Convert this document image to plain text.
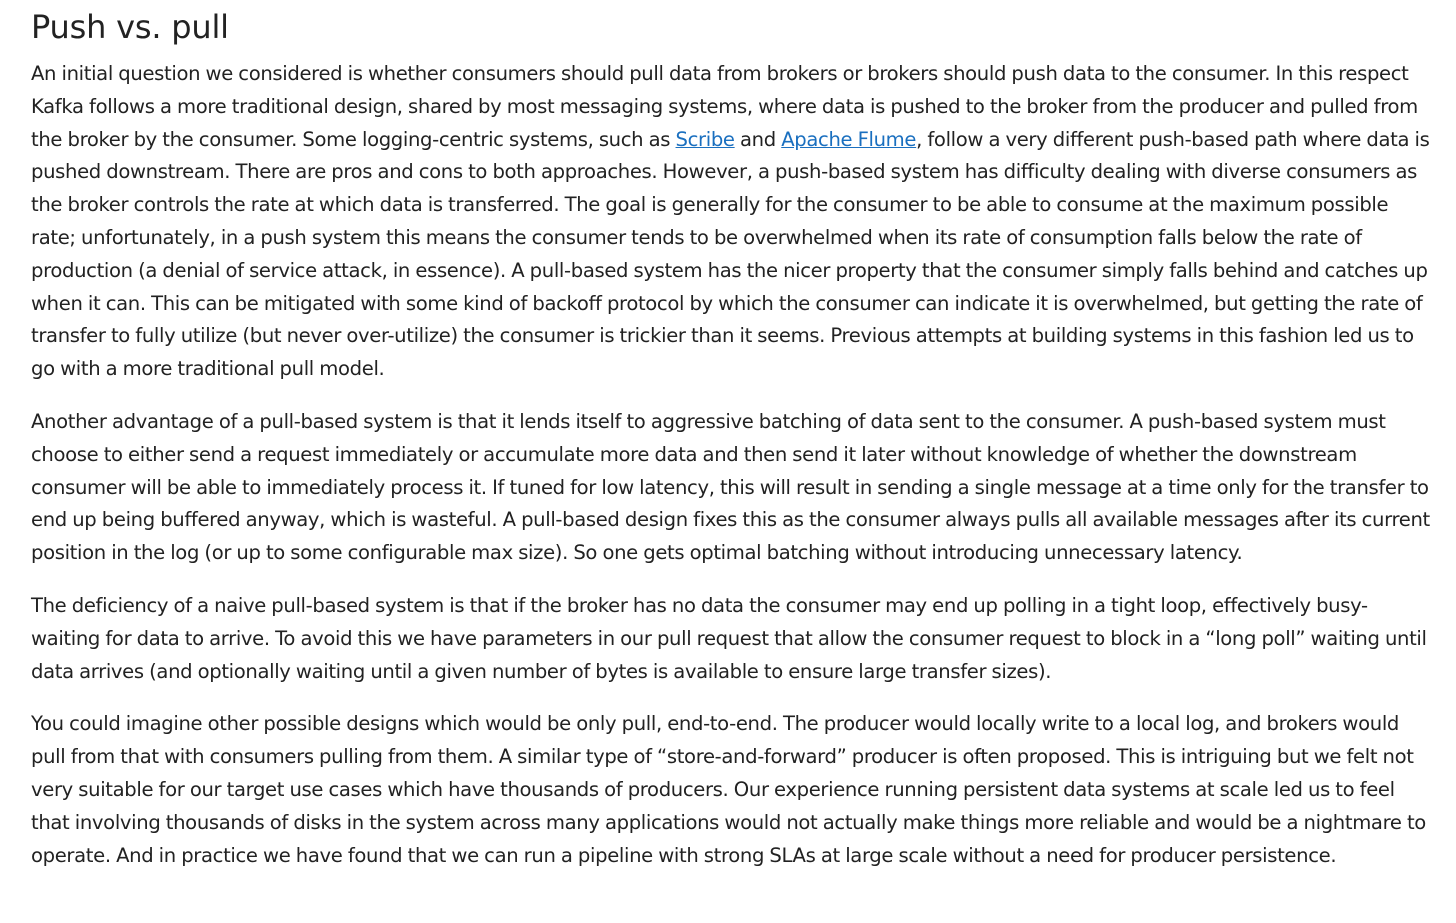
Push vs. pull

An initial question we considered is whether consumers should pull data from brokers or brokers should push data to the consumer. In this respect Kafka follows a more traditional design, shared by most messaging systems, where data is pushed to the broker from the producer and pulled from the broker by the consumer. Some logging-centric systems, such as Scribe and Apache Flume, follow a very different push-based path where data is pushed downstream. There are pros and cons to both approaches. However, a push-based system has difficulty dealing with diverse consumers as the broker controls the rate at which data is transferred. The goal is generally for the consumer to be able to consume at the maximum possible rate; unfortunately, in a push system this means the consumer tends to be overwhelmed when its rate of consumption falls below the rate of production (a denial of service attack, in essence). A pull-based system has the nicer property that the consumer simply falls behind and catches up when it can. This can be mitigated with some kind of backoff protocol by which the consumer can indicate it is overwhelmed, but getting the rate of transfer to fully utilize (but never over-utilize) the consumer is trickier than it seems. Previous attempts at building systems in this fashion led us to go with a more traditional pull model.

Another advantage of a pull-based system is that it lends itself to aggressive batching of data sent to the consumer. A push-based system must choose to either send a request immediately or accumulate more data and then send it later without knowledge of whether the downstream consumer will be able to immediately process it. If tuned for low latency, this will result in sending a single message at a time only for the transfer to end up being buffered anyway, which is wasteful. A pull-based design fixes this as the consumer always pulls all available messages after its current position in the log (or up to some configurable max size). So one gets optimal batching without introducing unnecessary latency.

The deficiency of a naive pull-based system is that if the broker has no data the consumer may end up polling in a tight loop, effectively busy-waiting for data to arrive. To avoid this we have parameters in our pull request that allow the consumer request to block in a “long poll” waiting until data arrives (and optionally waiting until a given number of bytes is available to ensure large transfer sizes).

You could imagine other possible designs which would be only pull, end-to-end. The producer would locally write to a local log, and brokers would pull from that with consumers pulling from them. A similar type of “store-and-forward” producer is often proposed. This is intriguing but we felt not very suitable for our target use cases which have thousands of producers. Our experience running persistent data systems at scale led us to feel that involving thousands of disks in the system across many applications would not actually make things more reliable and would be a nightmare to operate. And in practice we have found that we can run a pipeline with strong SLAs at large scale without a need for producer persistence.
